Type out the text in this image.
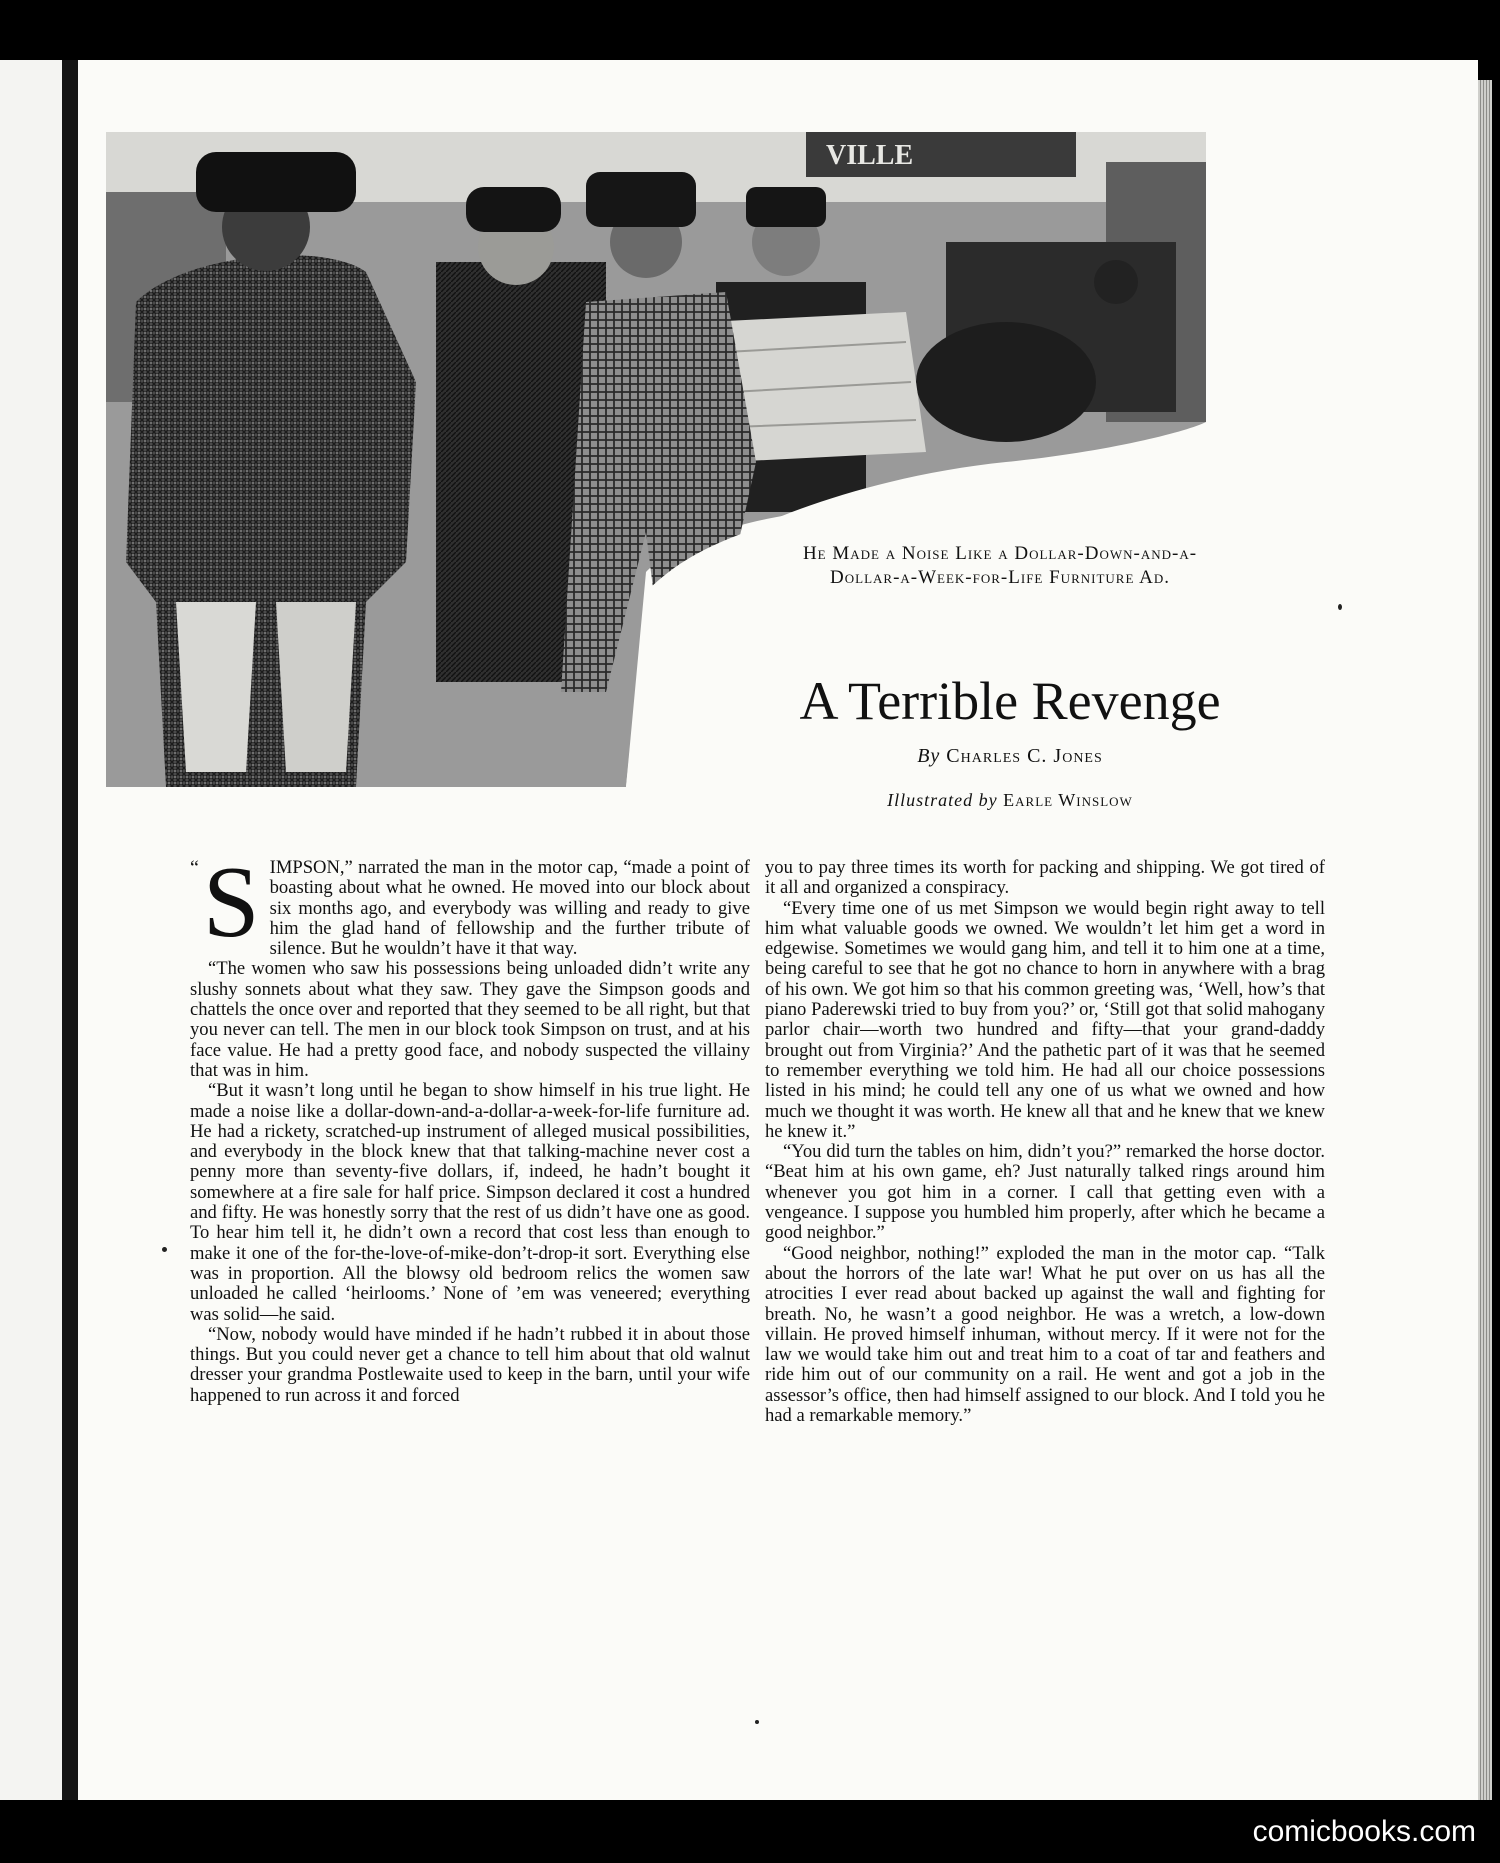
VILLE
He Made a Noise Like a Dollar-Down-and-a-
Dollar-a-Week-for-Life Furniture Ad.
A Terrible Revenge
By Charles C. Jones
Illustrated by Earle Winslow

“ S IMPSON,” narrated the man in the motor cap, “made a point of boasting about what he owned. He moved into our block about six months ago, and everybody was willing and ready to give him the glad hand of fellowship and the further tribute of silence. But he wouldn’t have it that way.

“The women who saw his possessions being unloaded didn’t write any slushy sonnets about what they saw. They gave the Simpson goods and chattels the once over and reported that they seemed to be all right, but that you never can tell. The men in our block took Simpson on trust, and at his face value. He had a pretty good face, and nobody suspected the villainy that was in him.

“But it wasn’t long until he began to show himself in his true light. He made a noise like a dollar-down-and-a-dollar-a-week-for-life furniture ad. He had a rickety, scratched-up instrument of alleged musical possibilities, and everybody in the block knew that that talking-machine never cost a penny more than seventy-five dollars, if, indeed, he hadn’t bought it somewhere at a fire sale for half price. Simpson declared it cost a hundred and fifty. He was honestly sorry that the rest of us didn’t have one as good. To hear him tell it, he didn’t own a record that cost less than enough to make it one of the for-the-love-of-mike-don’t-drop-it sort. Everything else was in proportion. All the blowsy old bedroom relics the women saw unloaded he called ‘heirlooms.’ None of ’em was veneered; everything was solid—he said.

“Now, nobody would have minded if he hadn’t rubbed it in about those things. But you could never get a chance to tell him about that old walnut dresser your grandma Postlewaite used to keep in the barn, until your wife happened to run across it and forced

you to pay three times its worth for packing and shipping. We got tired of it all and organized a conspiracy.

“Every time one of us met Simpson we would begin right away to tell him what valuable goods we owned. We wouldn’t let him get a word in edgewise. Sometimes we would gang him, and tell it to him one at a time, being careful to see that he got no chance to horn in anywhere with a brag of his own. We got him so that his common greeting was, ‘Well, how’s that piano Paderewski tried to buy from you?’ or, ‘Still got that solid mahogany parlor chair—worth two hundred and fifty—that your grand-daddy brought out from Virginia?’ And the pathetic part of it was that he seemed to remember everything we told him. He had all our choice possessions listed in his mind; he could tell any one of us what we owned and how much we thought it was worth. He knew all that and he knew that we knew he knew it.”

“You did turn the tables on him, didn’t you?” remarked the horse doctor. “Beat him at his own game, eh? Just naturally talked rings around him whenever you got him in a corner. I call that getting even with a vengeance. I suppose you humbled him properly, after which he became a good neighbor.”

“Good neighbor, nothing!” exploded the man in the motor cap. “Talk about the horrors of the late war! What he put over on us has all the atrocities I ever read about backed up against the wall and fighting for breath. No, he wasn’t a good neighbor. He was a wretch, a low-down villain. He proved himself inhuman, without mercy. If it were not for the law we would take him out and treat him to a coat of tar and feathers and ride him out of our community on a rail. He went and got a job in the assessor’s office, then had himself assigned to our block. And I told you he had a remarkable memory.”

comicbooks.com
